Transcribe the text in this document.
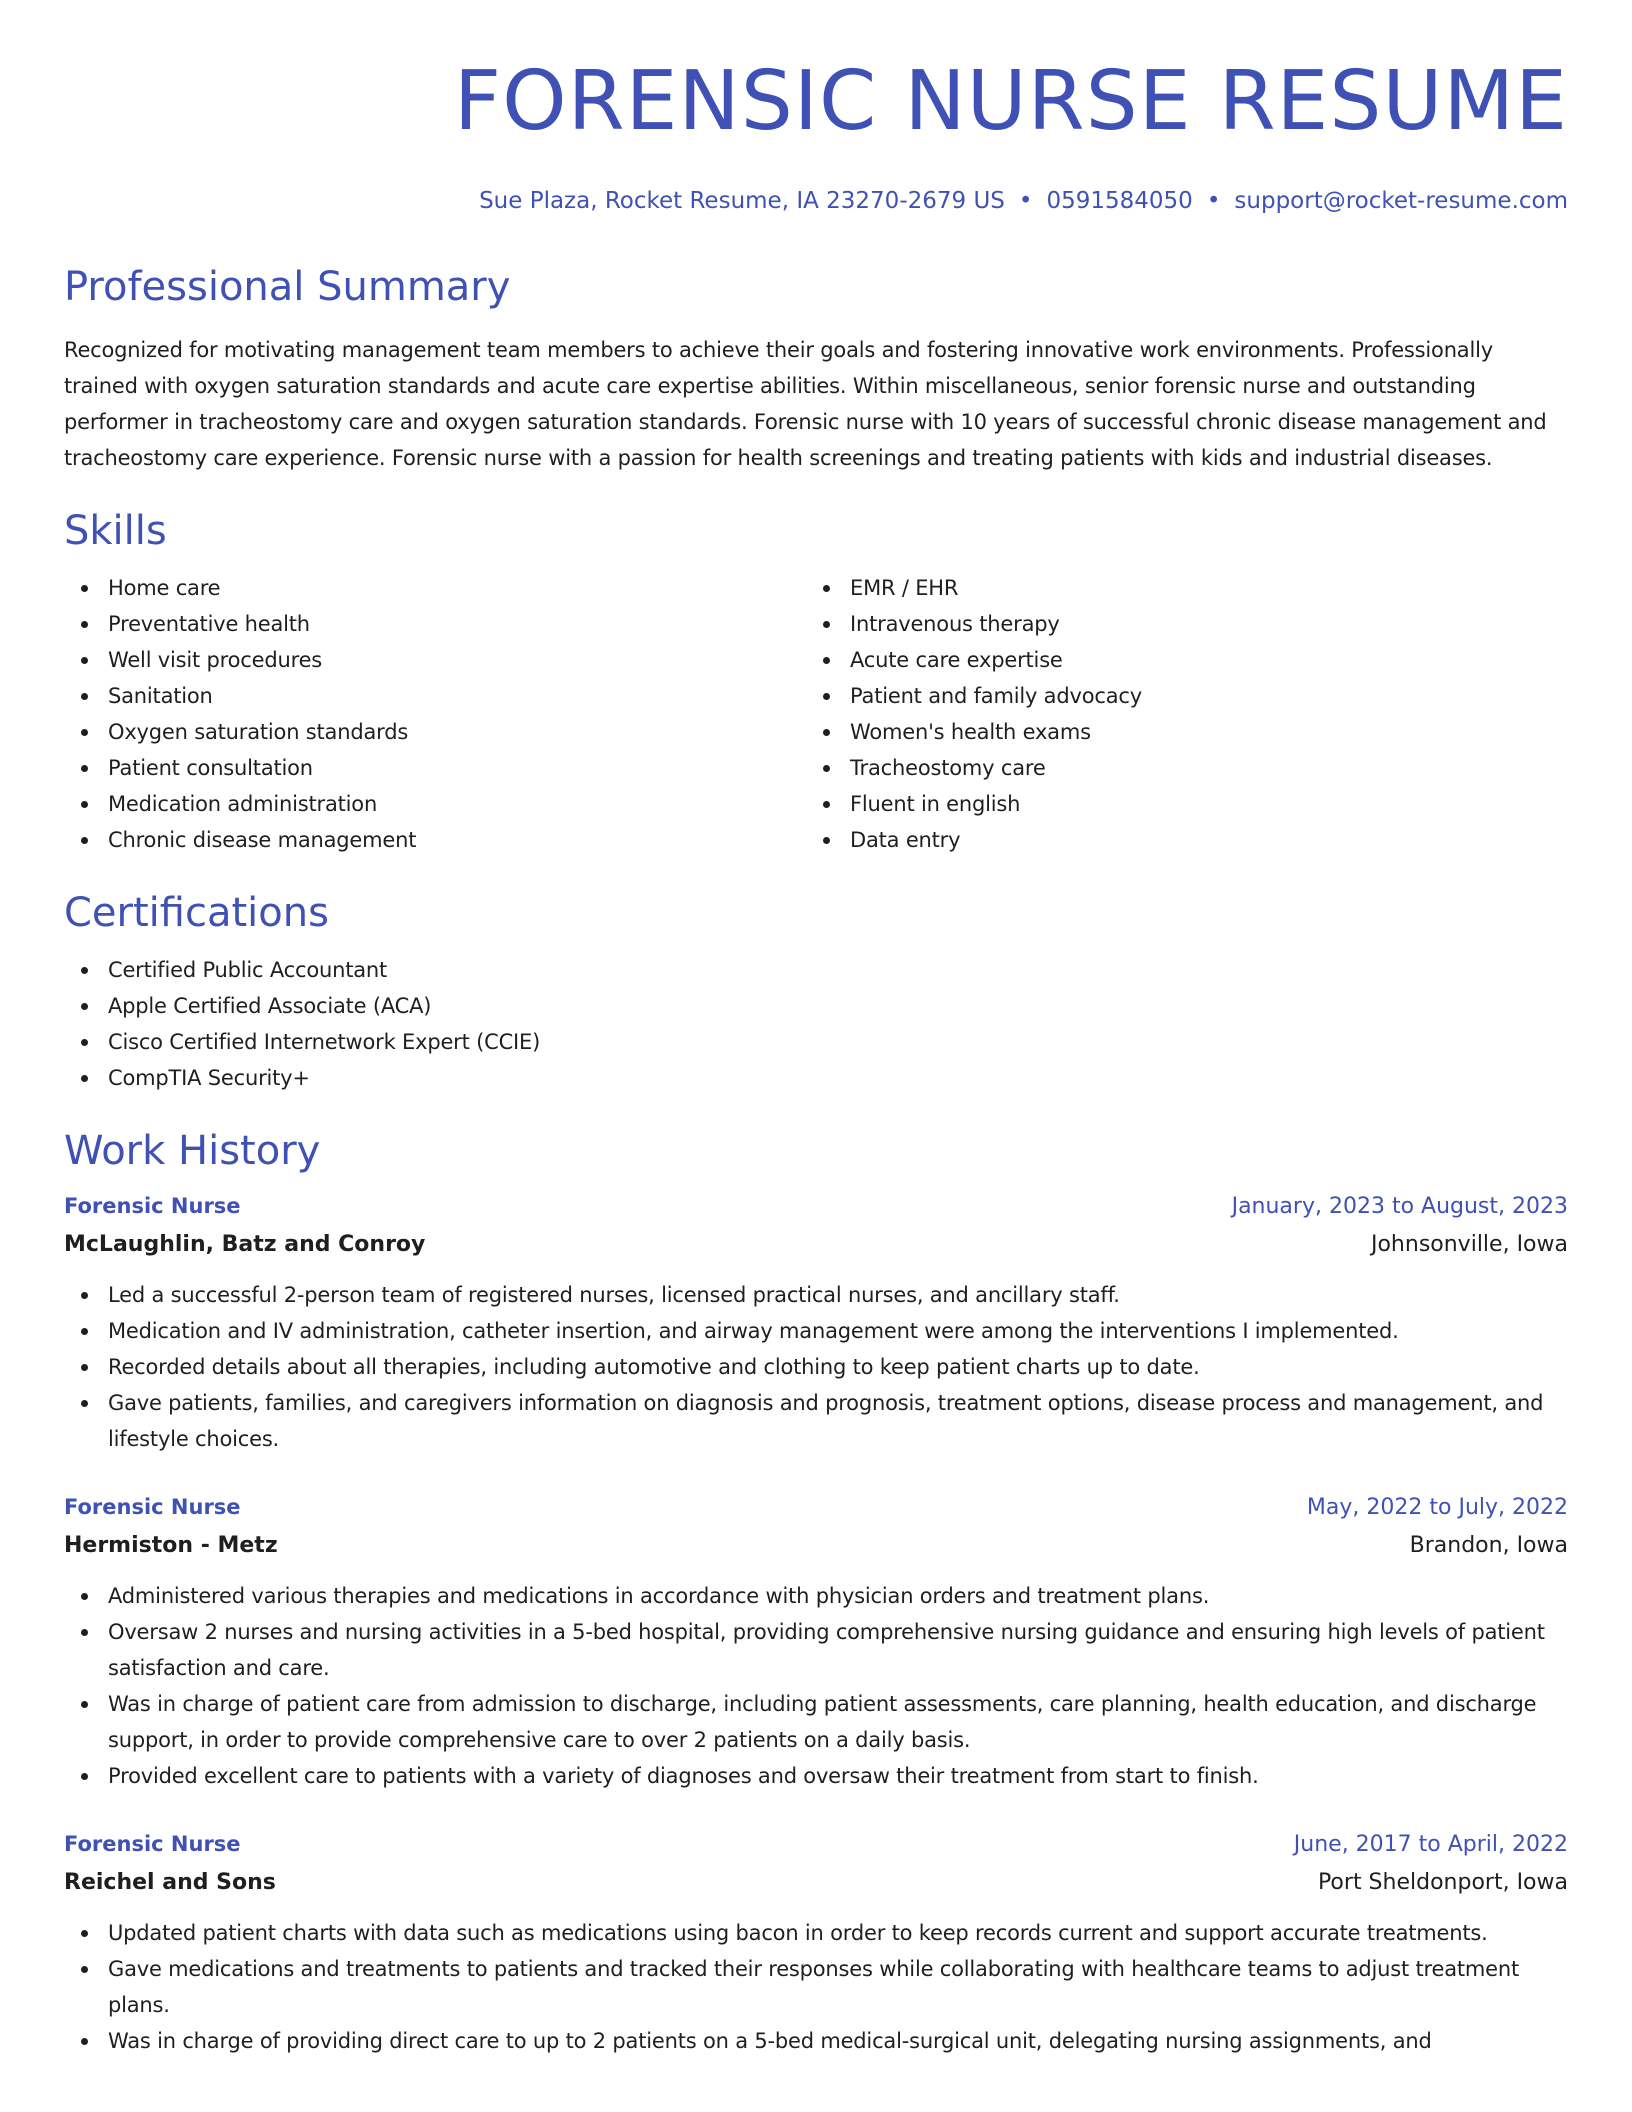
FORENSIC NURSE RESUME
Sue Plaza, Rocket Resume, IA 23270-2679 US • 0591584050 • support@rocket-resume.com
Professional Summary

Recognized for motivating management team members to achieve their goals and fostering innovative work environments. Professionally trained with oxygen saturation standards and acute care expertise abilities. Within miscellaneous, senior forensic nurse and outstanding performer in tracheostomy care and oxygen saturation standards. Forensic nurse with 10 years of successful chronic disease management and tracheostomy care experience. Forensic nurse with a passion for health screenings and treating patients with kids and industrial diseases.

Skills
Home care
Preventative health
Well visit procedures
Sanitation
Oxygen saturation standards
Patient consultation
Medication administration
Chronic disease management
EMR / EHR
Intravenous therapy
Acute care expertise
Patient and family advocacy
Women's health exams
Tracheostomy care
Fluent in english
Data entry
Certifications
Certified Public Accountant
Apple Certified Associate (ACA)
Cisco Certified Internetwork Expert (CCIE)
CompTIA Security+
Work History
Forensic Nurse	January, 2023 to August, 2023
McLaughlin, Batz and Conroy	Johnsonville, Iowa
Led a successful 2-person team of registered nurses, licensed practical nurses, and ancillary staff.
Medication and IV administration, catheter insertion, and airway management were among the interventions I implemented.
Recorded details about all therapies, including automotive and clothing to keep patient charts up to date.
Gave patients, families, and caregivers information on diagnosis and prognosis, treatment options, disease process and management, and lifestyle choices.
Forensic Nurse	May, 2022 to July, 2022
Hermiston - Metz	Brandon, Iowa
Administered various therapies and medications in accordance with physician orders and treatment plans.
Oversaw 2 nurses and nursing activities in a 5-bed hospital, providing comprehensive nursing guidance and ensuring high levels of patient satisfaction and care.
Was in charge of patient care from admission to discharge, including patient assessments, care planning, health education, and discharge support, in order to provide comprehensive care to over 2 patients on a daily basis.
Provided excellent care to patients with a variety of diagnoses and oversaw their treatment from start to finish.
Forensic Nurse	June, 2017 to April, 2022
Reichel and Sons	Port Sheldonport, Iowa
Updated patient charts with data such as medications using bacon in order to keep records current and support accurate treatments.
Gave medications and treatments to patients and tracked their responses while collaborating with healthcare teams to adjust treatment plans.
Was in charge of providing direct care to up to 2 patients on a 5-bed medical-surgical unit, delegating nursing assignments, and
